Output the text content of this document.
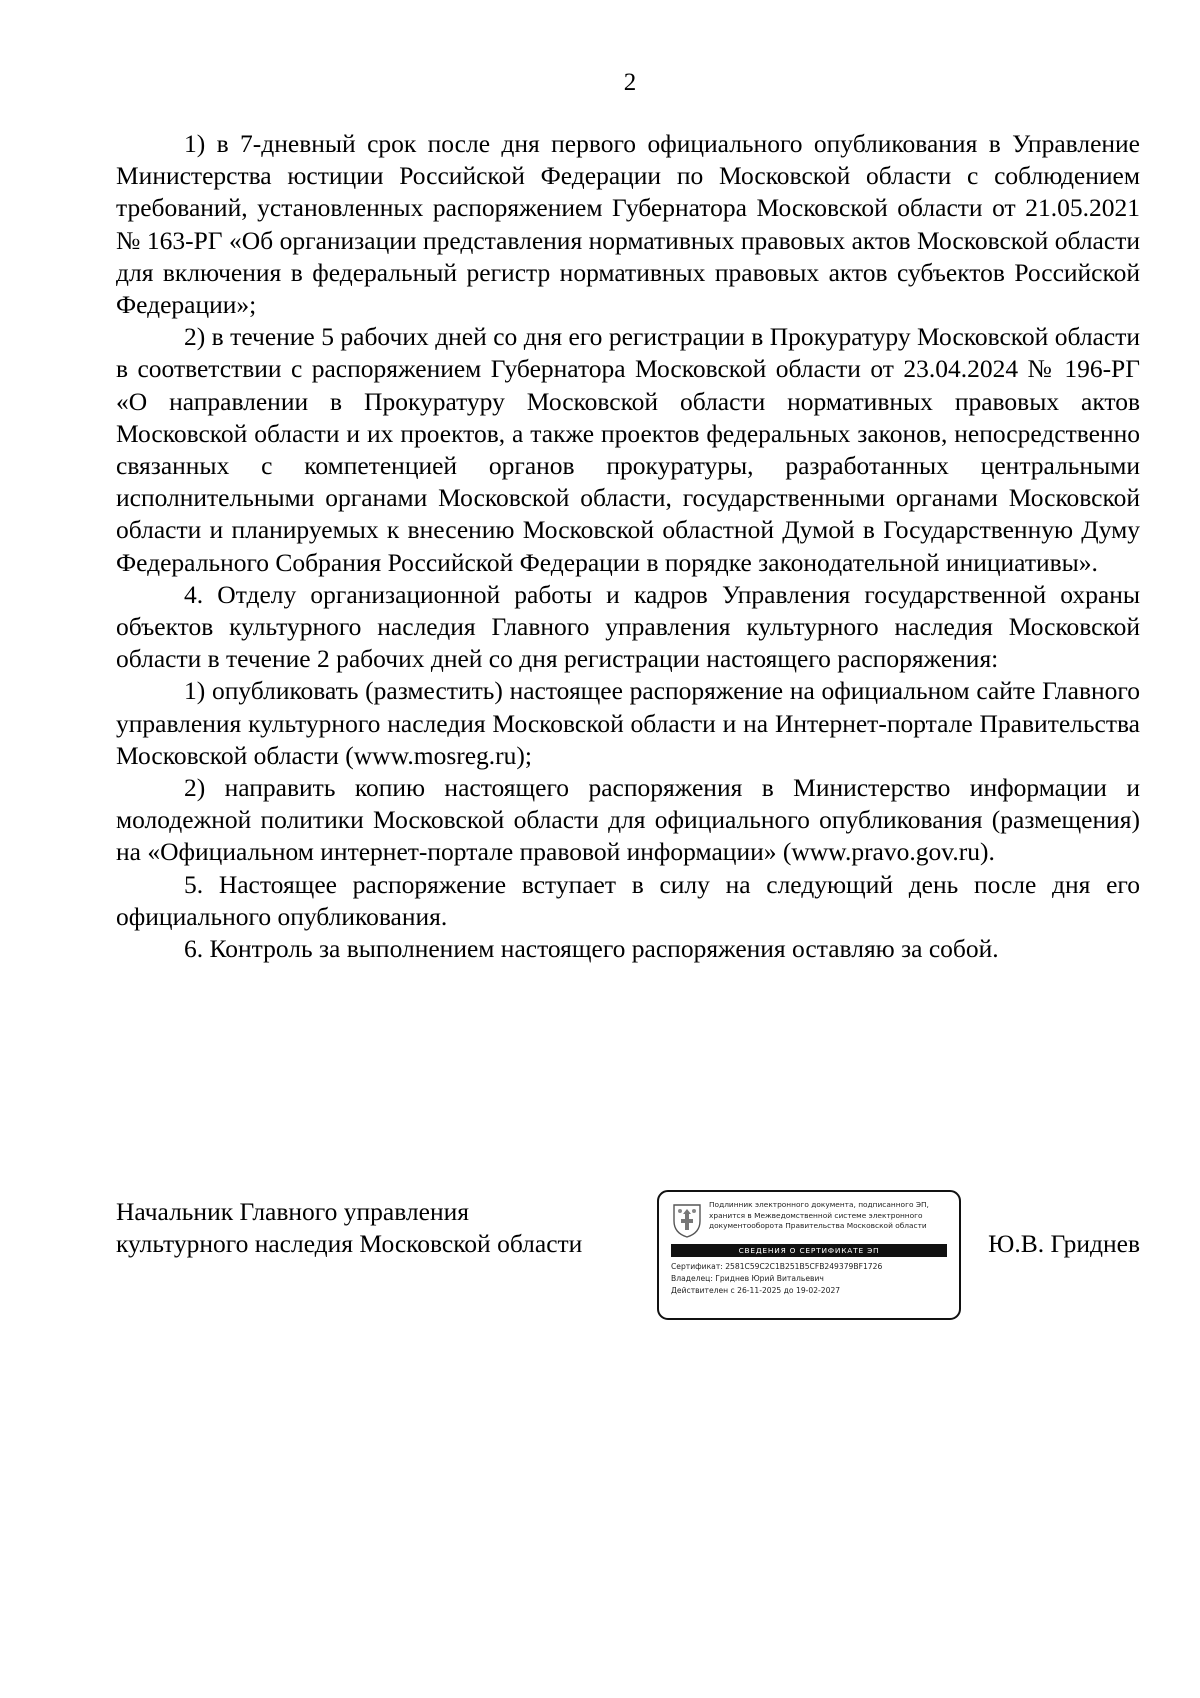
2

1) в 7-дневный срок после дня первого официального опубликования в Управление Министерства юстиции Российской Федерации по Московской области с соблюдением требований, установленных распоряжением Губернатора Московской области от 21.05.2021 № 163-РГ «Об организации представления нормативных правовых актов Московской области для включения в федеральный регистр нормативных правовых актов субъектов Российской Федерации»;

2) в течение 5 рабочих дней со дня его регистрации в Прокуратуру Московской области в соответствии с распоряжением Губернатора Московской области от 23.04.2024 № 196-РГ «О направлении в Прокуратуру Московской области нормативных правовых актов Московской области и их проектов, а также проектов федеральных законов, непосредственно связанных с компетенцией органов прокуратуры, разработанных центральными исполнительными органами Московской области, государственными органами Московской области и планируемых к внесению Московской областной Думой в Государственную Думу Федерального Собрания Российской Федерации в порядке законодательной инициативы».

4. Отделу организационной работы и кадров Управления государственной охраны объектов культурного наследия Главного управления культурного наследия Московской области в течение 2 рабочих дней со дня регистрации настоящего распоряжения:

1) опубликовать (разместить) настоящее распоряжение на официальном сайте Главного управления культурного наследия Московской области и на Интернет-портале Правительства Московской области (www.mosreg.ru);

2) направить копию настоящего распоряжения в Министерство информации и молодежной политики Московской области для официального опубликования (размещения) на «Официальном интернет-портале правовой информации» (www.pravo.gov.ru).

5. Настоящее распоряжение вступает в силу на следующий день после дня его официального опубликования.

6. Контроль за выполнением настоящего распоряжения оставляю за собой.

Начальник Главного управления
культурного наследия Московской области
Подлинник электронного документа, подписанного ЭП,
хранится в Межведомственной системе электронного
документооборота Правительства Московской области
СВЕДЕНИЯ О СЕРТИФИКАТЕ ЭП
Сертификат: 2581C59C2C1B251B5CFB249379BF1726
Владелец: Гриднев Юрий Витальевич
Действителен с 26-11-2025 до 19-02-2027
Ю.В. Гриднев
